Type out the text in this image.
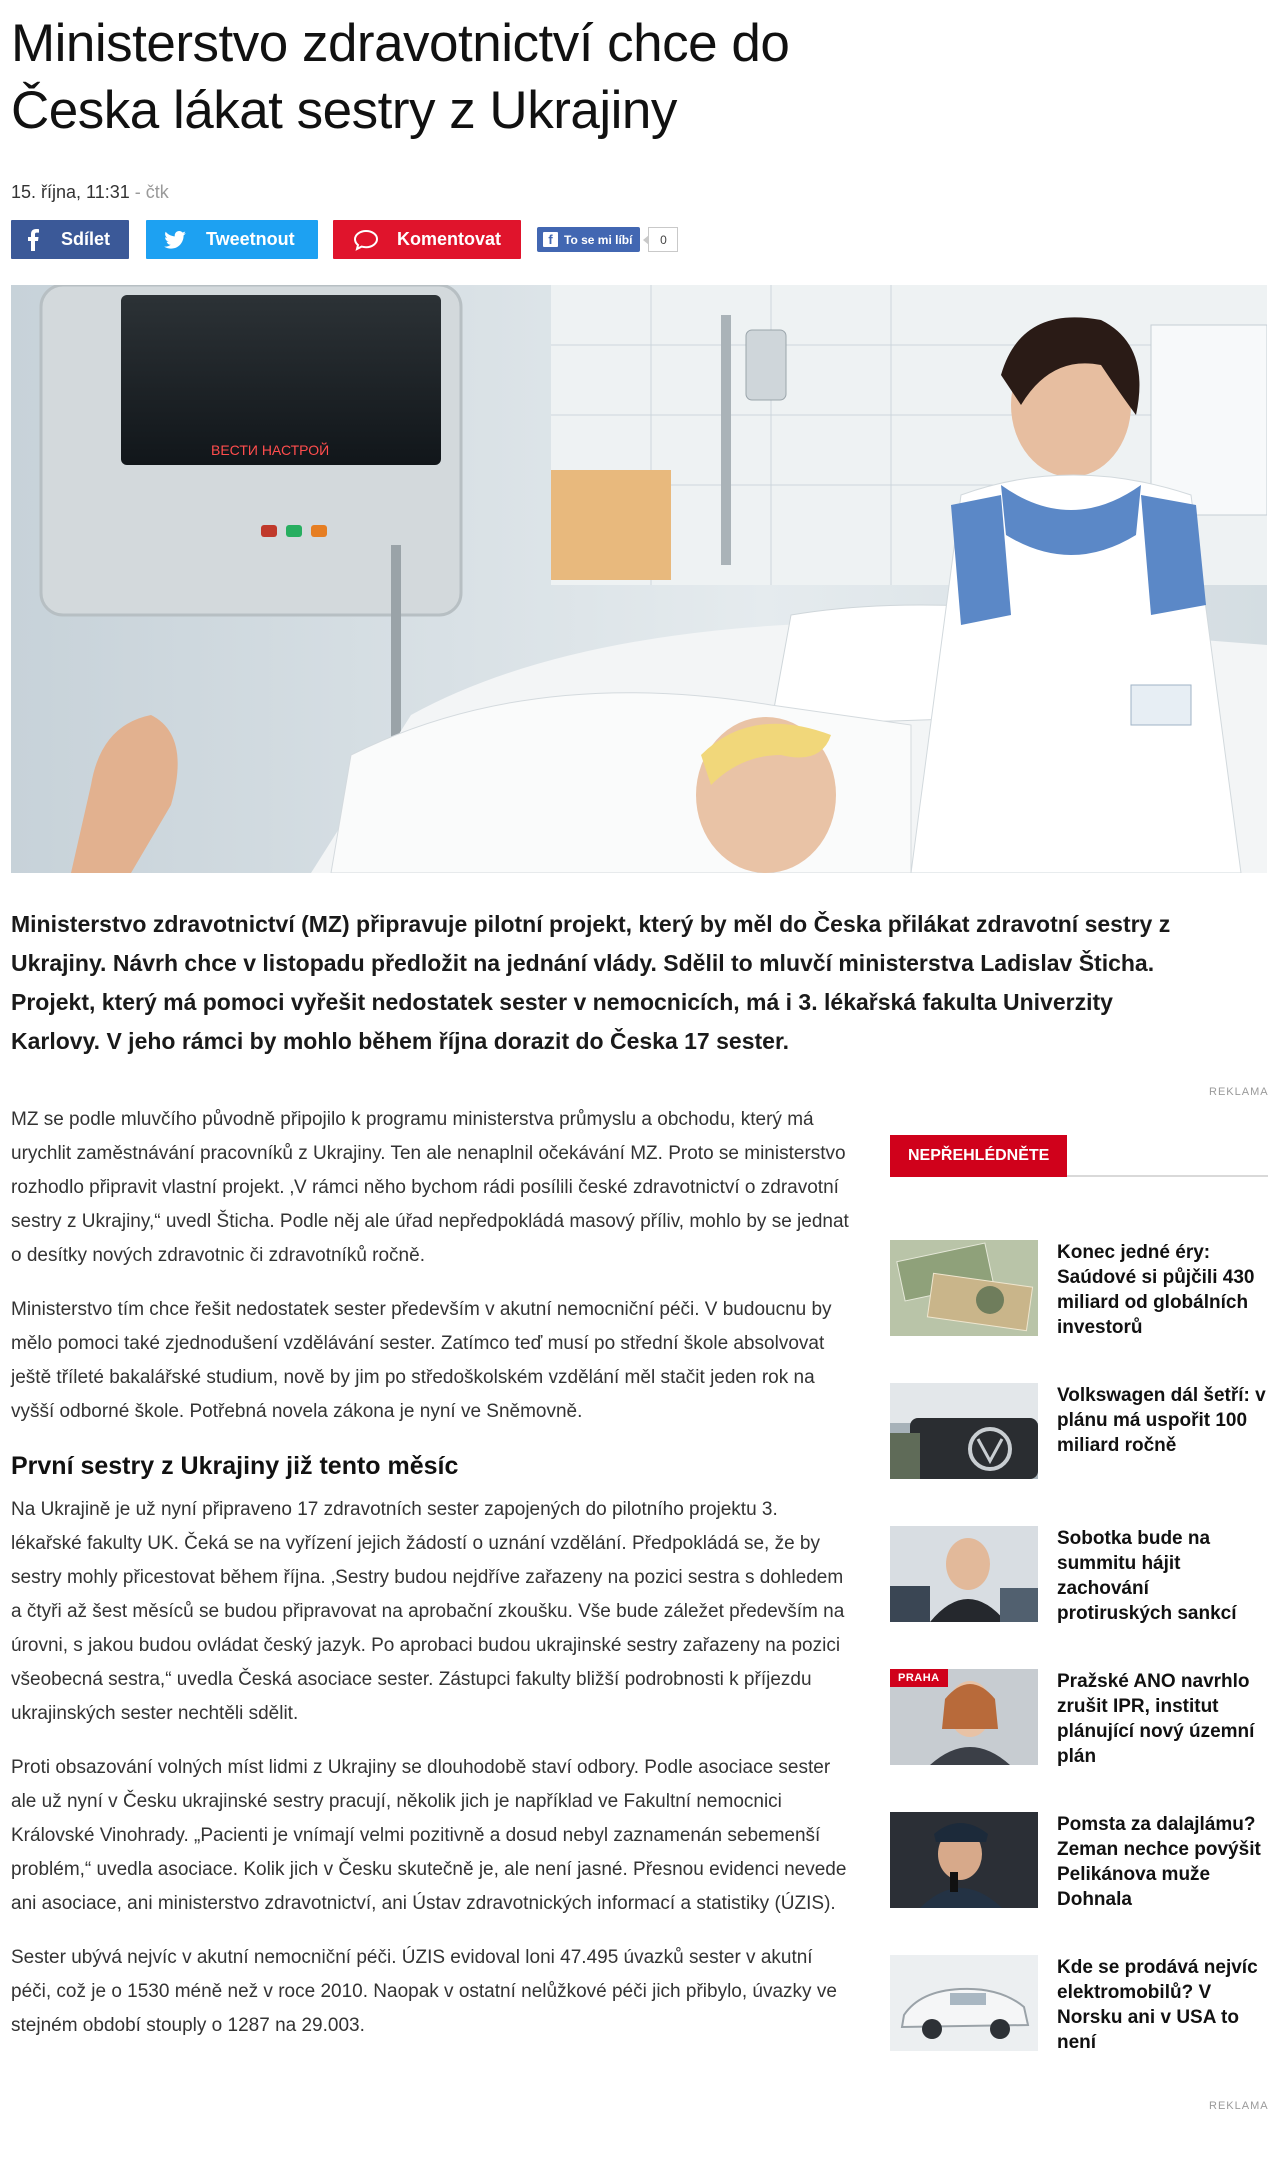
Ministerstvo zdravotnictví chce do Česka lákat sestry z Ukrajiny
15. října, 11:31 - čtk
Sdílet	Tweetnout	Komentovat	f To se mi líbí	0
ВЕСТИ НАСТРОЙ

Ministerstvo zdravotnictví (MZ) připravuje pilotní projekt, který by měl do Česka přilákat zdravotní sestry z Ukrajiny. Návrh chce v listopadu předložit na jednání vlády. Sdělil to mluvčí ministerstva Ladislav Šticha. Projekt, který má pomoci vyřešit nedostatek sester v nemocnicích, má i 3. lékařská fakulta Univerzity Karlovy. V jeho rámci by mohlo během října dorazit do Česka 17 sester.

REKLAMA

MZ se podle mluvčího původně připojilo k programu ministerstva průmyslu a obchodu, který má urychlit zaměstnávání pracovníků z Ukrajiny. Ten ale nenaplnil očekávání MZ. Proto se ministerstvo rozhodlo připravit vlastní projekt. ‚V rámci něho bychom rádi posílili české zdravotnictví o zdravotní sestry z Ukrajiny,“ uvedl Šticha. Podle něj ale úřad nepředpokládá masový příliv, mohlo by se jednat o desítky nových zdravotnic či zdravotníků ročně.

Ministerstvo tím chce řešit nedostatek sester především v akutní nemocniční péči. V budoucnu by mělo pomoci také zjednodušení vzdělávání sester. Zatímco teď musí po střední škole absolvovat ještě tříleté bakalářské studium, nově by jim po středoškolském vzdělání měl stačit jeden rok na vyšší odborné škole. Potřebná novela zákona je nyní ve Sněmovně.

První sestry z Ukrajiny již tento měsíc

Na Ukrajině je už nyní připraveno 17 zdravotních sester zapojených do pilotního projektu 3. lékařské fakulty UK. Čeká se na vyřízení jejich žádostí o uznání vzdělání. Předpokládá se, že by sestry mohly přicestovat během října. ‚Sestry budou nejdříve zařazeny na pozici sestra s dohledem a čtyři až šest měsíců se budou připravovat na aprobační zkoušku. Vše bude záležet především na úrovni, s jakou budou ovládat český jazyk. Po aprobaci budou ukrajinské sestry zařazeny na pozici všeobecná sestra,“ uvedla Česká asociace sester. Zástupci fakulty bližší podrobnosti k příjezdu ukrajinských sester nechtěli sdělit.

Proti obsazování volných míst lidmi z Ukrajiny se dlouhodobě staví odbory. Podle asociace sester ale už nyní v Česku ukrajinské sestry pracují, několik jich je například ve Fakultní nemocnici Královské Vinohrady. „Pacienti je vnímají velmi pozitivně a dosud nebyl zaznamenán sebemenší problém,“ uvedla asociace. Kolik jich v Česku skutečně je, ale není jasné. Přesnou evidenci nevede ani asociace, ani ministerstvo zdravotnictví, ani Ústav zdravotnických informací a statistiky (ÚZIS).

Sester ubývá nejvíc v akutní nemocniční péči. ÚZIS evidoval loni 47.495 úvazků sester v akutní péči, což je o 1530 méně než v roce 2010. Naopak v ostatní nelůžkové péči jich přibylo, úvazky ve stejném období stouply o 1287 na 29.003.

NEPŘEHLÉDNĚTE
Konec jedné éry: Saúdové si půjčili 430 miliard od globálních investorů
Volkswagen dál šetří: v plánu má uspořit 100 miliard ročně
Sobotka bude na summitu hájit zachování protiruských sankcí
PRAHA	Pražské ANO navrhlo zrušit IPR, institut plánující nový územní plán
Pomsta za dalajlámu? Zeman nechce povýšit Pelikánova muže Dohnala
Kde se prodává nejvíc elektromobilů? V Norsku ani v USA to není
REKLAMA
